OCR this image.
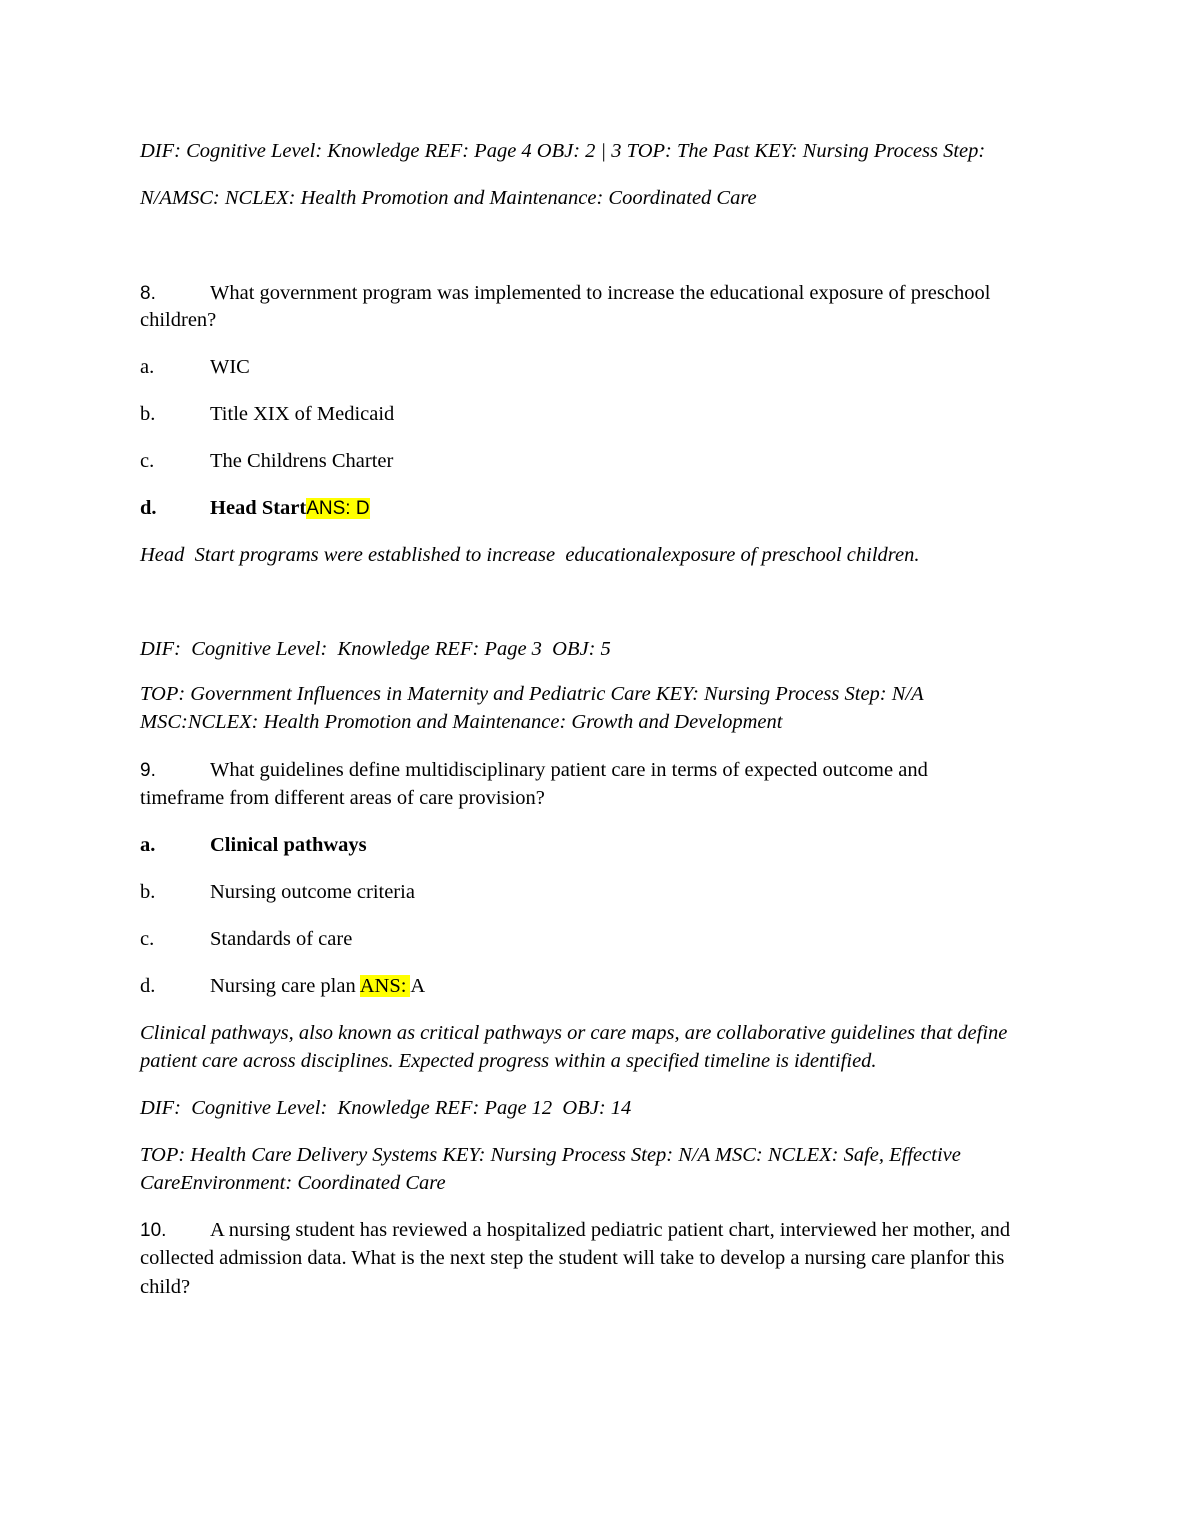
DIF: Cognitive Level: Knowledge REF: Page 4 OBJ: 2 | 3 TOP: The Past KEY: Nursing Process Step:
N/AMSC: NCLEX: Health Promotion and Maintenance: Coordinated Care
8.	What government program was implemented to increase the educational exposure of preschool
children?
a.	WIC
b.	Title XIX of Medicaid
c.	The Childrens Charter
d.	Head StartANS: D
Head  Start programs were established to increase  educationalexposure of preschool children.
DIF:  Cognitive Level:  Knowledge REF: Page 3  OBJ: 5
TOP: Government Influences in Maternity and Pediatric Care KEY: Nursing Process Step: N/A
MSC:NCLEX: Health Promotion and Maintenance: Growth and Development
9.	What guidelines define multidisciplinary patient care in terms of expected outcome and
timeframe from different areas of care provision?
a.	Clinical pathways
b.	Nursing outcome criteria
c.	Standards of care
d.	Nursing care plan ANS: A
Clinical pathways, also known as critical pathways or care maps, are collaborative guidelines that define
patient care across disciplines. Expected progress within a specified timeline is identified.
DIF:  Cognitive Level:  Knowledge REF: Page 12  OBJ: 14
TOP: Health Care Delivery Systems KEY: Nursing Process Step: N/A MSC: NCLEX: Safe, Effective
CareEnvironment: Coordinated Care
10. A nursing student has reviewed a hospitalized pediatric patient chart, interviewed her mother, and
collected admission data. What is the next step the student will take to develop a nursing care planfor this
child?
